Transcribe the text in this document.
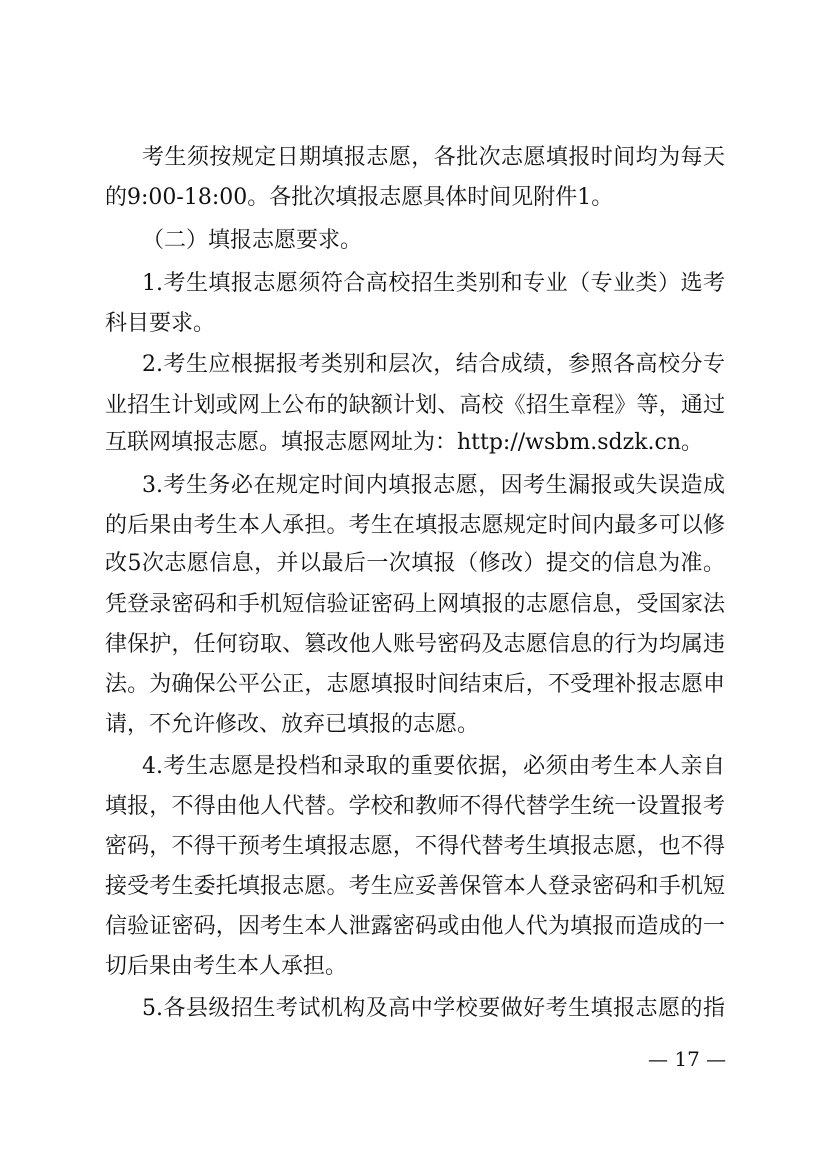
考生须按规定日期填报志愿，各批次志愿填报时间均为每天
的9:00-18:00。各批次填报志愿具体时间见附件1。
（二）填报志愿要求。
1.考生填报志愿须符合高校招生类别和专业（专业类）选考
科目要求。
2.考生应根据报考类别和层次，结合成绩，参照各高校分专
业招生计划或网上公布的缺额计划、高校《招生章程》等，通过
互联网填报志愿。填报志愿网址为：http://wsbm.sdzk.cn。
3.考生务必在规定时间内填报志愿，因考生漏报或失误造成
的后果由考生本人承担。考生在填报志愿规定时间内最多可以修
改5次志愿信息，并以最后一次填报（修改）提交的信息为准。
凭登录密码和手机短信验证密码上网填报的志愿信息，受国家法
律保护，任何窃取、篡改他人账号密码及志愿信息的行为均属违
法。为确保公平公正，志愿填报时间结束后，不受理补报志愿申
请，不允许修改、放弃已填报的志愿。
4.考生志愿是投档和录取的重要依据，必须由考生本人亲自
填报，不得由他人代替。学校和教师不得代替学生统一设置报考
密码，不得干预考生填报志愿，不得代替考生填报志愿，也不得
接受考生委托填报志愿。考生应妥善保管本人登录密码和手机短
信验证密码，因考生本人泄露密码或由他人代为填报而造成的一
切后果由考生本人承担。
5.各县级招生考试机构及高中学校要做好考生填报志愿的指
— 17 —
